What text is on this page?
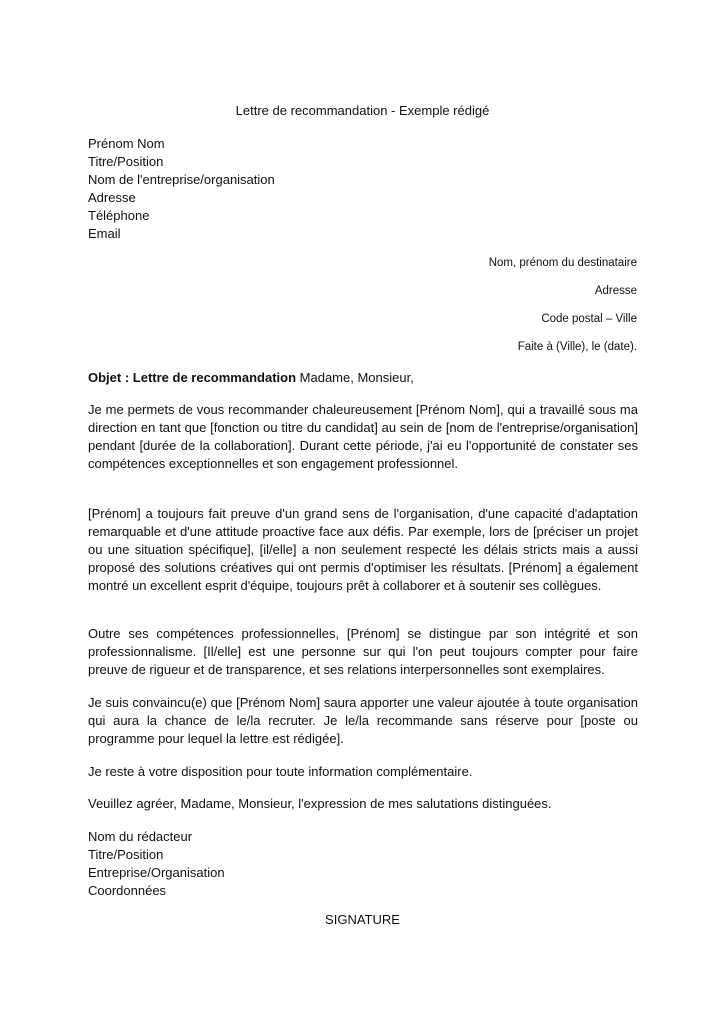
Lettre de recommandation - Exemple rédigé
Prénom Nom
Titre/Position
Nom de l'entreprise/organisation
Adresse
Téléphone
Email
Nom, prénom du destinataire
Adresse
Code postal – Ville
Faite à (Ville), le (date).
Objet : Lettre de recommandation Madame, Monsieur,

Je me permets de vous recommander chaleureusement [Prénom Nom], qui a travaillé sous ma direction en tant que [fonction ou titre du candidat] au sein de [nom de l'entreprise/organisation] pendant [durée de la collaboration]. Durant cette période, j'ai eu l'opportunité de constater ses compétences exceptionnelles et son engagement professionnel.

[Prénom] a toujours fait preuve d'un grand sens de l'organisation, d'une capacité d'adaptation remarquable et d'une attitude proactive face aux défis. Par exemple, lors de [préciser un projet ou une situation spécifique], [il/elle] a non seulement respecté les délais stricts mais a aussi proposé des solutions créatives qui ont permis d'optimiser les résultats. [Prénom] a également montré un excellent esprit d'équipe, toujours prêt à collaborer et à soutenir ses collègues.

Outre ses compétences professionnelles, [Prénom] se distingue par son intégrité et son professionnalisme. [Il/elle] est une personne sur qui l'on peut toujours compter pour faire preuve de rigueur et de transparence, et ses relations interpersonnelles sont exemplaires.

Je suis convaincu(e) que [Prénom Nom] saura apporter une valeur ajoutée à toute organisation qui aura la chance de le/la recruter. Je le/la recommande sans réserve pour [poste ou programme pour lequel la lettre est rédigée].

Je reste à votre disposition pour toute information complémentaire.

Veuillez agréer, Madame, Monsieur, l'expression de mes salutations distinguées.

Nom du rédacteur
Titre/Position
Entreprise/Organisation
Coordonnées
SIGNATURE
